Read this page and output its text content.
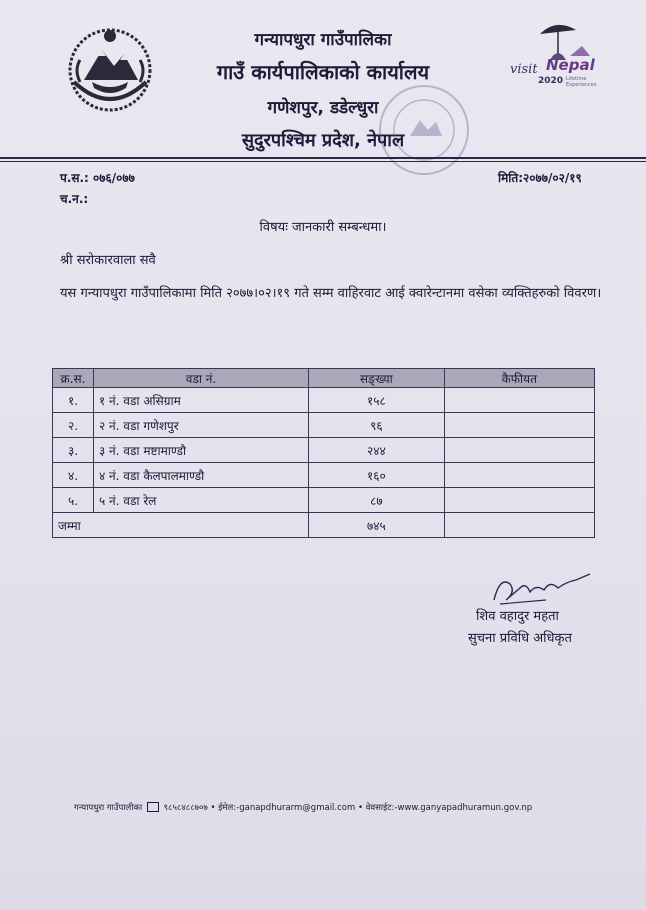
visit Nepal
2020 Lifetime Experiences
गन्यापधुरा गाउँपालिका
गाउँ कार्यपालिकाको कार्यालय
गणेशपुर, डडेल्धुरा
सुदुरपश्चिम प्रदेश, नेपाल
प.स.: ०७६/०७७
च.न.:
मिति:२०७७/०२/१९
विषयः जानकारी सम्बन्धमा।
श्री सरोकारवाला सवै
यस गन्यापधुरा गाउँपालिकामा मिति २०७७।०२।१९ गते सम्म वाहिरवाट आई क्वारेन्टानमा वसेका व्यक्तिहरुको विवरण।
क्र.स.	वडा नं.	सङ्ख्या	कैफीयत
१.	१ नं. वडा असिग्राम	१५८	
२.	२ नं. वडा गणेशपुर	९६	
३.	३ नं. वडा मष्टामाण्डौ	२४४	
४.	४ नं. वडा कैलपालमाण्डौ	१६०	
५.	५ नं. वडा रेल	८७	
जम्मा		७४५	
शिव वहादुर महता
सुचना प्रविधि अधिकृत
गन्यापधुरा गाउँपालीका	९८५८४८८७०७ • ईमेल:-ganapdhurarm@gmail.com • वेवसाईट:-www.ganyapadhuramun.gov.np
